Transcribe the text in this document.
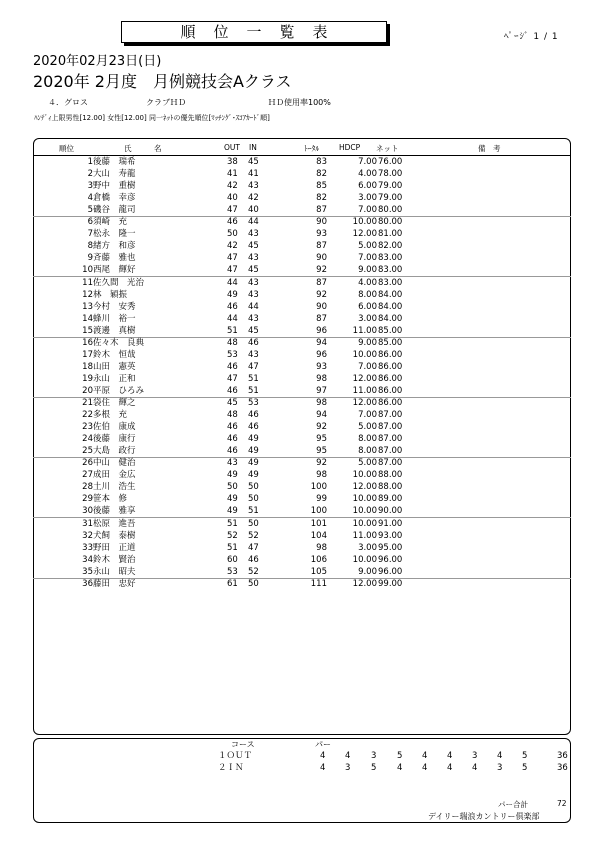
順位一覧表	ﾍﾟｰｼﾞ 1 / 1
2020年02月23日(日)
2020年 2月度　月例競技会Aクラス
４．グロス	クラブＨＤ	ＨＤ使用率100%
ﾊﾝﾃﾞｨ上限男性[12.00] 女性[12.00] 同一ﾈｯﾄの優先順位[ﾏｯﾁﾝｸﾞ･ｽｺｱｶｰﾄﾞ順]
順位	氏　　　名	OUT IN	ﾄｰﾀﾙ	HDCP ネット	備　考
1 後藤　瑞希	38 45	83	7.00 76.00
2 大山　寿龍	41 41	82	4.00 78.00
3 野中　重樹	42 43	85	6.00 79.00
4 倉橋　幸彦	40 42	82	3.00 79.00
5 磯谷　龍司	47 40	87	7.00 80.00
6 須崎　充	46 44	90	10.00 80.00
7 松永　隆一	50 43	93	12.00 81.00
8 緒方　和彦	42 45	87	5.00 82.00
9 斉藤　雅也	47 43	90	7.00 83.00
10 西尾　輝好	47 45	92	9.00 83.00
11 佐久間　光治	44 43	87	4.00 83.00
12 林　穎振	49 43	92	8.00 84.00
13 今村　安秀	46 44	90	6.00 84.00
14 蜂川　裕一	44 43	87	3.00 84.00
15 渡邊　真樹	51 45	96	11.00 85.00
16 佐々木　良典	48 46	94	9.00 85.00
17 鈴木　恒哉	53 43	96	10.00 86.00
18 山田　憲英	46 47	93	7.00 86.00
19 永山　正和	47 51	98	12.00 86.00
20 平原　ひろみ	46 51	97	11.00 86.00
21 袋住　輝之	45 53	98	12.00 86.00
22 多根　充	48 46	94	7.00 87.00
23 佐伯　康成	46 46	92	5.00 87.00
24 後藤　康行	46 49	95	8.00 87.00
25 大島　政行	46 49	95	8.00 87.00
26 中山　健治	43 49	92	5.00 87.00
27 成田　金広	49 49	98	10.00 88.00
28 土川　浩生	50 50	100	12.00 88.00
29 笹本　修	49 50	99	10.00 89.00
30 後藤　雅享	49 51	100	10.00 90.00
31 松原　進吾	51 50	101	10.00 91.00
32 犬飼　泰樹	52 52	104	11.00 93.00
33 野田　正道	51 47	98	3.00 95.00
34 鈴木　賢治	60 46	106	10.00 96.00
35 永山　昭夫	53 52	105	9.00 96.00
36 藤田　忠好	61 50	111	12.00 99.00
コース	パー
１ＯＵＴ	4 4 3 5 4 4 3 4 5	36
２ＩＮ	4 3 5 4 4 4 4 3 5	36
パー合計	72
デイリー瑞浪カントリー倶楽部
